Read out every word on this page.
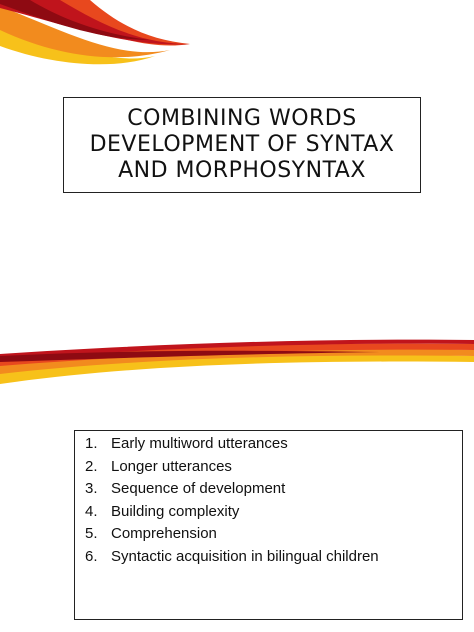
COMBINING WORDS
DEVELOPMENT OF SYNTAX
AND MORPHOSYNTAX
1. Early multiword utterances
2. Longer utterances
3. Sequence of development
4. Building complexity
5. Comprehension
6. Syntactic acquisition in bilingual children
